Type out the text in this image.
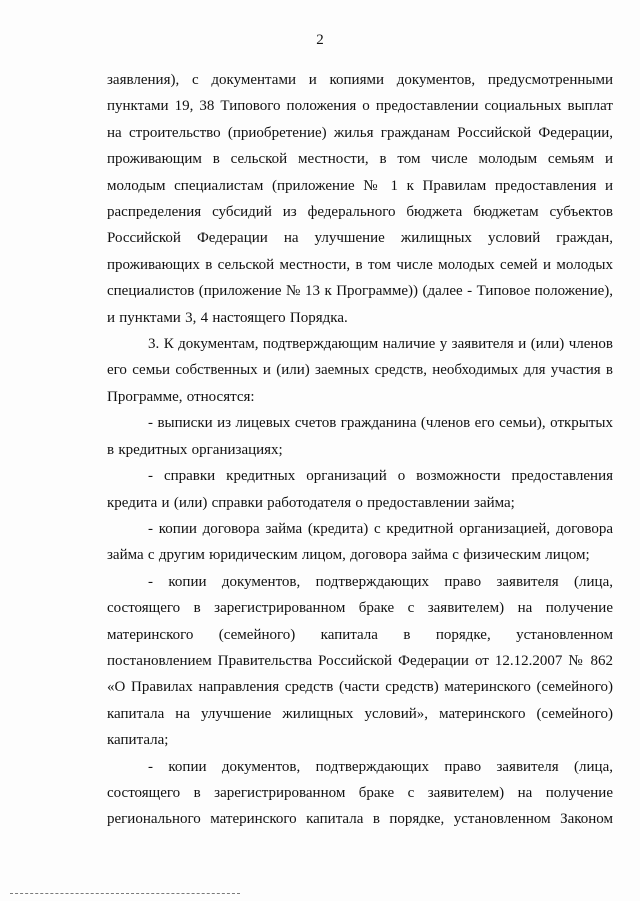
2

заявления), с документами и копиями документов, предусмотренными
пунктами 19, 38 Типового положения о предоставлении социальных выплат
на строительство (приобретение) жилья гражданам Российской Федерации,
проживающим в сельской местности, в том числе молодым семьям и
молодым специалистам (приложение № 1 к Правилам предоставления и
распределения субсидий из федерального бюджета бюджетам субъектов
Российской Федерации на улучшение жилищных условий граждан,
проживающих в сельской местности, в том числе молодых семей и молодых
специалистов (приложение № 13 к Программе)) (далее - Типовое положение),
и пунктами 3, 4 настоящего Порядка.

3. К документам, подтверждающим наличие у заявителя и (или) членов
его семьи собственных и (или) заемных средств, необходимых для участия в
Программе, относятся:

- выписки из лицевых счетов гражданина (членов его семьи), открытых
в кредитных организациях;

- справки кредитных организаций о возможности предоставления
кредита и (или) справки работодателя о предоставлении займа;

- копии договора займа (кредита) с кредитной организацией, договора
займа с другим юридическим лицом, договора займа с физическим лицом;

- копии документов, подтверждающих право заявителя (лица,
состоящего в зарегистрированном браке с заявителем) на получение
материнского (семейного) капитала в порядке, установленном
постановлением Правительства Российской Федерации от 12.12.2007 № 862
«О Правилах направления средств (части средств) материнского (семейного)
капитала на улучшение жилищных условий», материнского (семейного)
капитала;

- копии документов, подтверждающих право заявителя (лица,
состоящего в зарегистрированном браке с заявителем) на получение
регионального материнского капитала в порядке, установленном Законом
